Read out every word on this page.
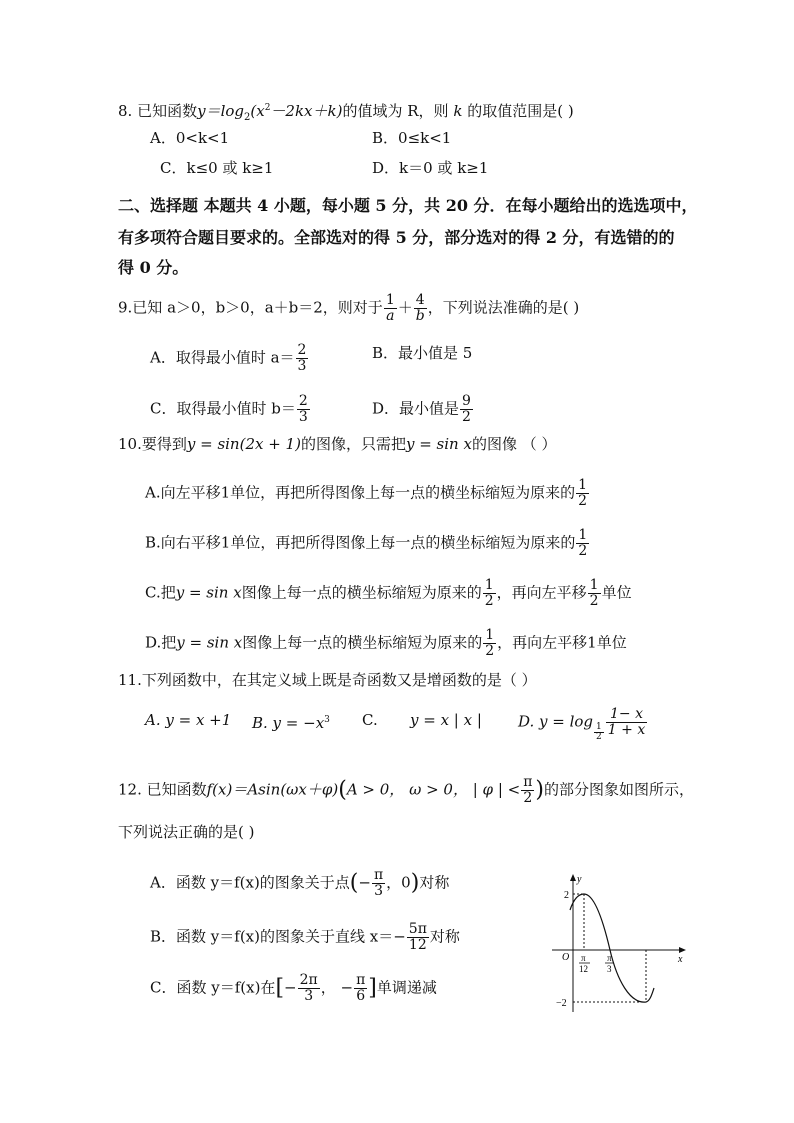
8. 已知函数$y=\log_2(x^2-2kx+k)$的值域为 R，则 k 的取值范围是( )
A．0<k<1	B．0≤k<1
C．k≤0 或 k≥1	D．k＝0 或 k≥1
二、选择题 本题共 4 小题，每小题 5 分，共 20 分．在每小题给出的选选项中，
有多项符合题目要求的。全部选对的得 5 分，部分选对的得 2 分，有选错的的
得 0 分。
9.已知 a＞0，b＞0，a＋b＝2，则对于 $\frac{1}{a} + \frac{4}{b}$ ，下列说法准确的是( )
A．取得最小值时 $a= \frac{2}{3}$	B．最小值是 5
C．取得最小值时 $b= \frac{2}{3}$	D．最小值是 $\frac{9}{2}$
10.要得到y = sin(2x + 1)的图像，只需把y = sin x的图像 （ ）
A.向左平移1单位，再把所得图像上每一点的横坐标缩短为原来的 $\frac{1}{2}$
B.向右平移1单位，再把所得图像上每一点的横坐标缩短为原来的 $\frac{1}{2}$
C.把y = sin x图像上每一点的横坐标缩短为原来的 $\frac{1}{2}$ ，再向左平移 $\frac{1}{2}$ 单位
D.把y = sin x图像上每一点的横坐标缩短为原来的 $\frac{1}{2}$ ，再向左平移1单位
11.下列函数中，在其定义域上既是奇函数又是增函数的是（ ）
A. y = x +1 B. $y = -x^3$ C. y = x | x | D. y = log
$\frac{1}{2} \frac{1- x}{1 + x}$
12. 已知函数f(x)＝Asin(ωx＋φ)(A > 0， ω > 0， | φ | < $\frac{\pi}{2}$ )的部分图象如图所示，
下列说法正确的是( )
A．函数 y＝f(x)的图象关于点(− $\frac{\pi}{3}$ ，0)对称
B．函数 y＝f(x)的图象关于直线 $x=- \frac{5\pi}{12}$ 对称
C．函数 y＝f(x)在[− $\frac{2\pi}{3}$ ， − $\frac{\pi}{6}$ ]单调递减
y
x
O
2
−2
π
12
π
3
